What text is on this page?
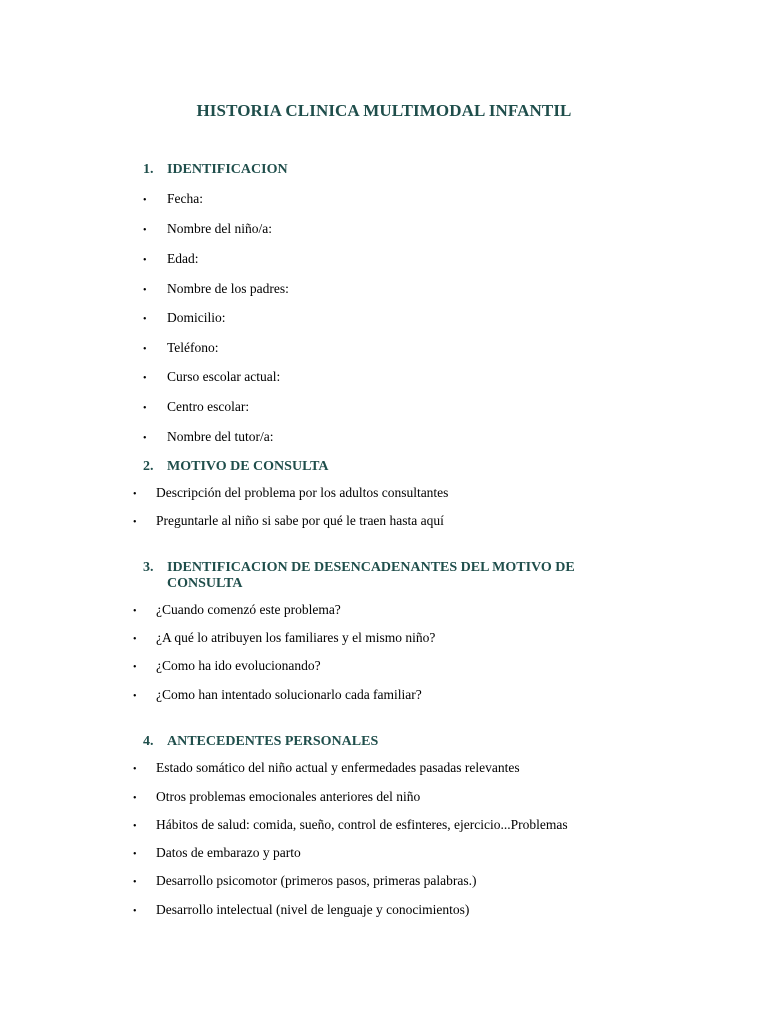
HISTORIA CLINICA MULTIMODAL INFANTIL
1. IDENTIFICACION
•	Fecha:
•	Nombre del niño/a:
•	Edad:
•	Nombre de los padres:
•	Domicilio:
•	Teléfono:
•	Curso escolar actual:
•	Centro escolar:
•	Nombre del tutor/a:
2. MOTIVO DE CONSULTA
•	Descripción del problema por los adultos consultantes
•	Preguntarle al niño si sabe por qué le traen hasta aquí
3. IDENTIFICACION DE DESENCADENANTES DEL MOTIVO DE CONSULTA
•	¿Cuando comenzó este problema?
•	¿A qué lo atribuyen los familiares y el mismo niño?
•	¿Como ha ido evolucionando?
•	¿Como han intentado solucionarlo cada familiar?
4. ANTECEDENTES PERSONALES
•	Estado somático del niño actual y enfermedades pasadas relevantes
•	Otros problemas emocionales anteriores del niño
•	Hábitos de salud: comida, sueño, control de esfinteres, ejercicio...Problemas
•	Datos de embarazo y parto
•	Desarrollo psicomotor (primeros pasos, primeras palabras.)
•	Desarrollo intelectual (nivel de lenguaje y conocimientos)
